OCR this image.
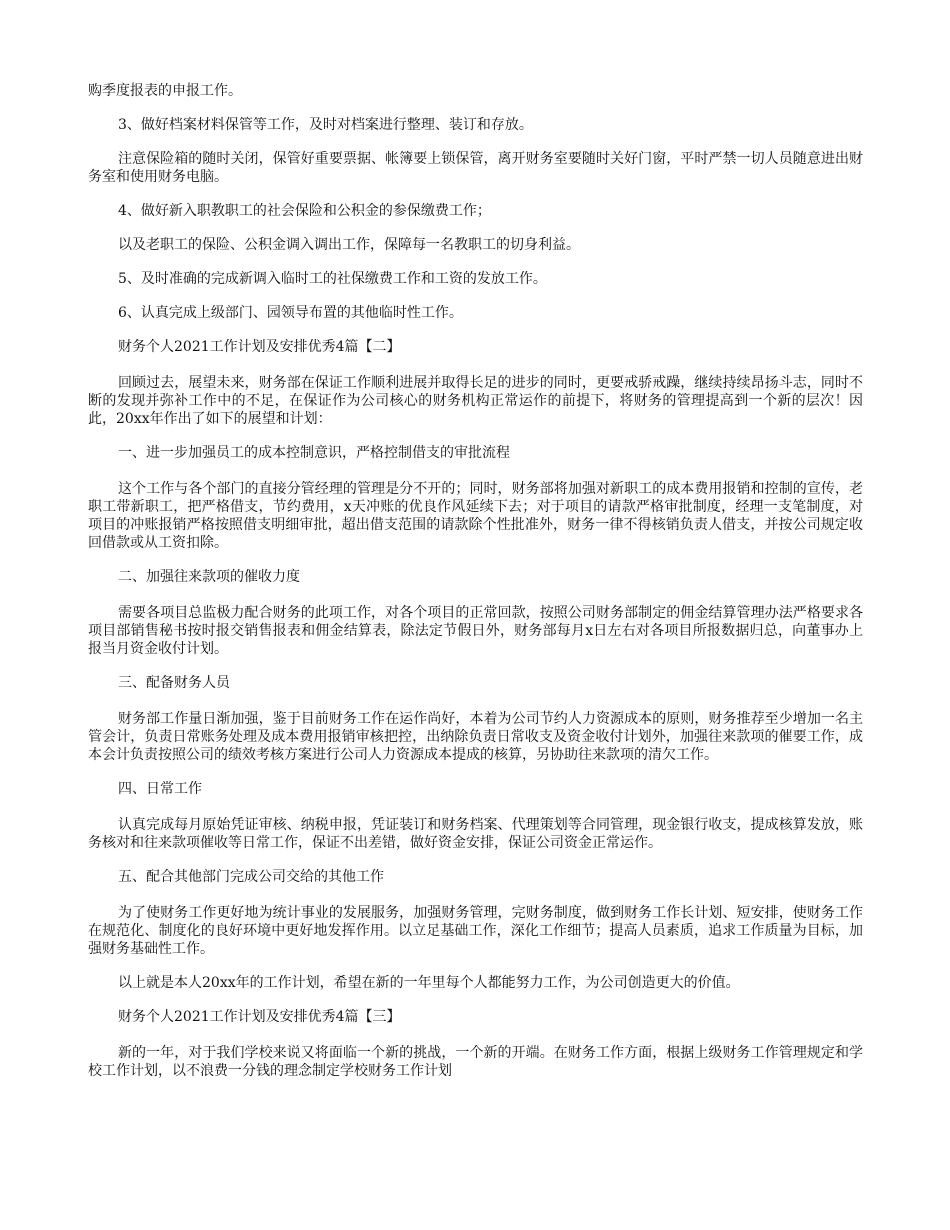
购季度报表的申报工作。

3、做好档案材料保管等工作，及时对档案进行整理、装订和存放。

注意保险箱的随时关闭，保管好重要票据、帐簿要上锁保管，离开财务室要随时关好门窗，平时严禁一切人员随意进出财务室和使用财务电脑。

4、做好新入职教职工的社会保险和公积金的参保缴费工作；

以及老职工的保险、公积金调入调出工作，保障每一名教职工的切身利益。

5、及时准确的完成新调入临时工的社保缴费工作和工资的发放工作。

6、认真完成上级部门、园领导布置的其他临时性工作。

财务个人2021工作计划及安排优秀4篇【二】

回顾过去，展望未来，财务部在保证工作顺利进展并取得长足的进步的同时，更要戒骄戒躁，继续持续昂扬斗志，同时不断的发现并弥补工作中的不足，在保证作为公司核心的财务机构正常运作的前提下，将财务的管理提高到一个新的层次！因此，20xx年作出了如下的展望和计划：

一、进一步加强员工的成本控制意识，严格控制借支的审批流程

这个工作与各个部门的直接分管经理的管理是分不开的；同时，财务部将加强对新职工的成本费用报销和控制的宣传，老职工带新职工，把严格借支，节约费用，x天冲账的优良作风延续下去；对于项目的请款严格审批制度，经理一支笔制度，对项目的冲账报销严格按照借支明细审批，超出借支范围的请款除个性批准外，财务一律不得核销负责人借支，并按公司规定收回借款或从工资扣除。

二、加强往来款项的催收力度

需要各项目总监极力配合财务的此项工作，对各个项目的正常回款，按照公司财务部制定的佣金结算管理办法严格要求各项目部销售秘书按时报交销售报表和佣金结算表，除法定节假日外，财务部每月x日左右对各项目所报数据归总，向董事办上报当月资金收付计划。

三、配备财务人员

财务部工作量日渐加强，鉴于目前财务工作在运作尚好，本着为公司节约人力资源成本的原则，财务推荐至少增加一名主管会计，负责日常账务处理及成本费用报销审核把控，出纳除负责日常收支及资金收付计划外，加强往来款项的催要工作，成本会计负责按照公司的绩效考核方案进行公司人力资源成本提成的核算，另协助往来款项的清欠工作。

四、日常工作

认真完成每月原始凭证审核、纳税申报，凭证装订和财务档案、代理策划等合同管理，现金银行收支，提成核算发放，账务核对和往来款项催收等日常工作，保证不出差错，做好资金安排，保证公司资金正常运作。

五、配合其他部门完成公司交给的其他工作

为了使财务工作更好地为统计事业的发展服务，加强财务管理，完财务制度，做到财务工作长计划、短安排，使财务工作在规范化、制度化的良好环境中更好地发挥作用。以立足基础工作，深化工作细节；提高人员素质，追求工作质量为目标，加强财务基础性工作。

以上就是本人20xx年的工作计划，希望在新的一年里每个人都能努力工作，为公司创造更大的价值。

财务个人2021工作计划及安排优秀4篇【三】

新的一年，对于我们学校来说又将面临一个新的挑战，一个新的开端。在财务工作方面，根据上级财务工作管理规定和学校工作计划，以不浪费一分钱的理念制定学校财务工作计划
